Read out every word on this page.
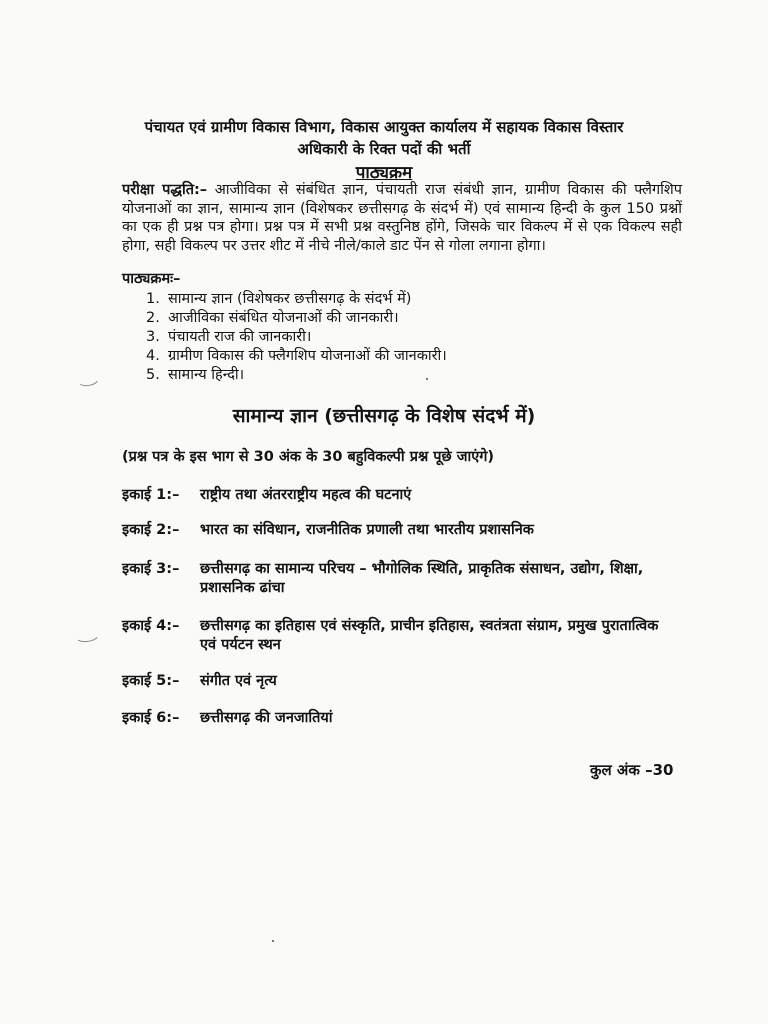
पंचायत एवं ग्रामीण विकास विभाग, विकास आयुक्त कार्यालय में सहायक विकास विस्तार
अधिकारी के रिक्त पदों की भर्ती
पाठ्यक्रम
परीक्षा पद्धति:– आजीविका से संबंधित ज्ञान, पंचायती राज संबंधी ज्ञान, ग्रामीण विकास की फ्लैगशिप योजनाओं का ज्ञान, सामान्य ज्ञान (विशेषकर छत्तीसगढ़ के संदर्भ में) एवं सामान्य हिन्दी के कुल 150 प्रश्नों का एक ही प्रश्न पत्र होगा। प्रश्न पत्र में सभी प्रश्न वस्तुनिष्ठ होंगे, जिसके चार विकल्प में से एक विकल्प सही होगा, सही विकल्प पर उत्तर शीट में नीचे नीले/काले डाट पेंन से गोला लगाना होगा।
पाठ्यक्रमः–
1. सामान्य ज्ञान (विशेषकर छत्तीसगढ़ के संदर्भ में)
2. आजीविका संबंधित योजनाओं की जानकारी।
3. पंचायती राज की जानकारी।
4. ग्रामीण विकास की फ्लैगशिप योजनाओं की जानकारी।
5. सामान्य हिन्दी।
सामान्य ज्ञान (छत्तीसगढ़ के विशेष संदर्भ में)
(प्रश्न पत्र के इस भाग से 30 अंक के 30 बहुविकल्पी प्रश्न पूछे जाएंगे)
इकाई 1:– राष्ट्रीय तथा अंतरराष्ट्रीय महत्व की घटनाएं
इकाई 2:– भारत का संविधान, राजनीतिक प्रणाली तथा भारतीय प्रशासनिक
इकाई 3:– छत्तीसगढ़ का सामान्य परिचय – भौगोलिक स्थिति, प्राकृतिक संसाधन, उद्योग, शिक्षा, प्रशासनिक ढांचा
इकाई 4:– छत्तीसगढ़ का इतिहास एवं संस्कृति, प्राचीन इतिहास, स्वतंत्रता संग्राम, प्रमुख पुरातात्विक एवं पर्यटन स्थन
इकाई 5:– संगीत एवं नृत्य
इकाई 6:– छत्तीसगढ़ की जनजातियां
कुल अंक –30
